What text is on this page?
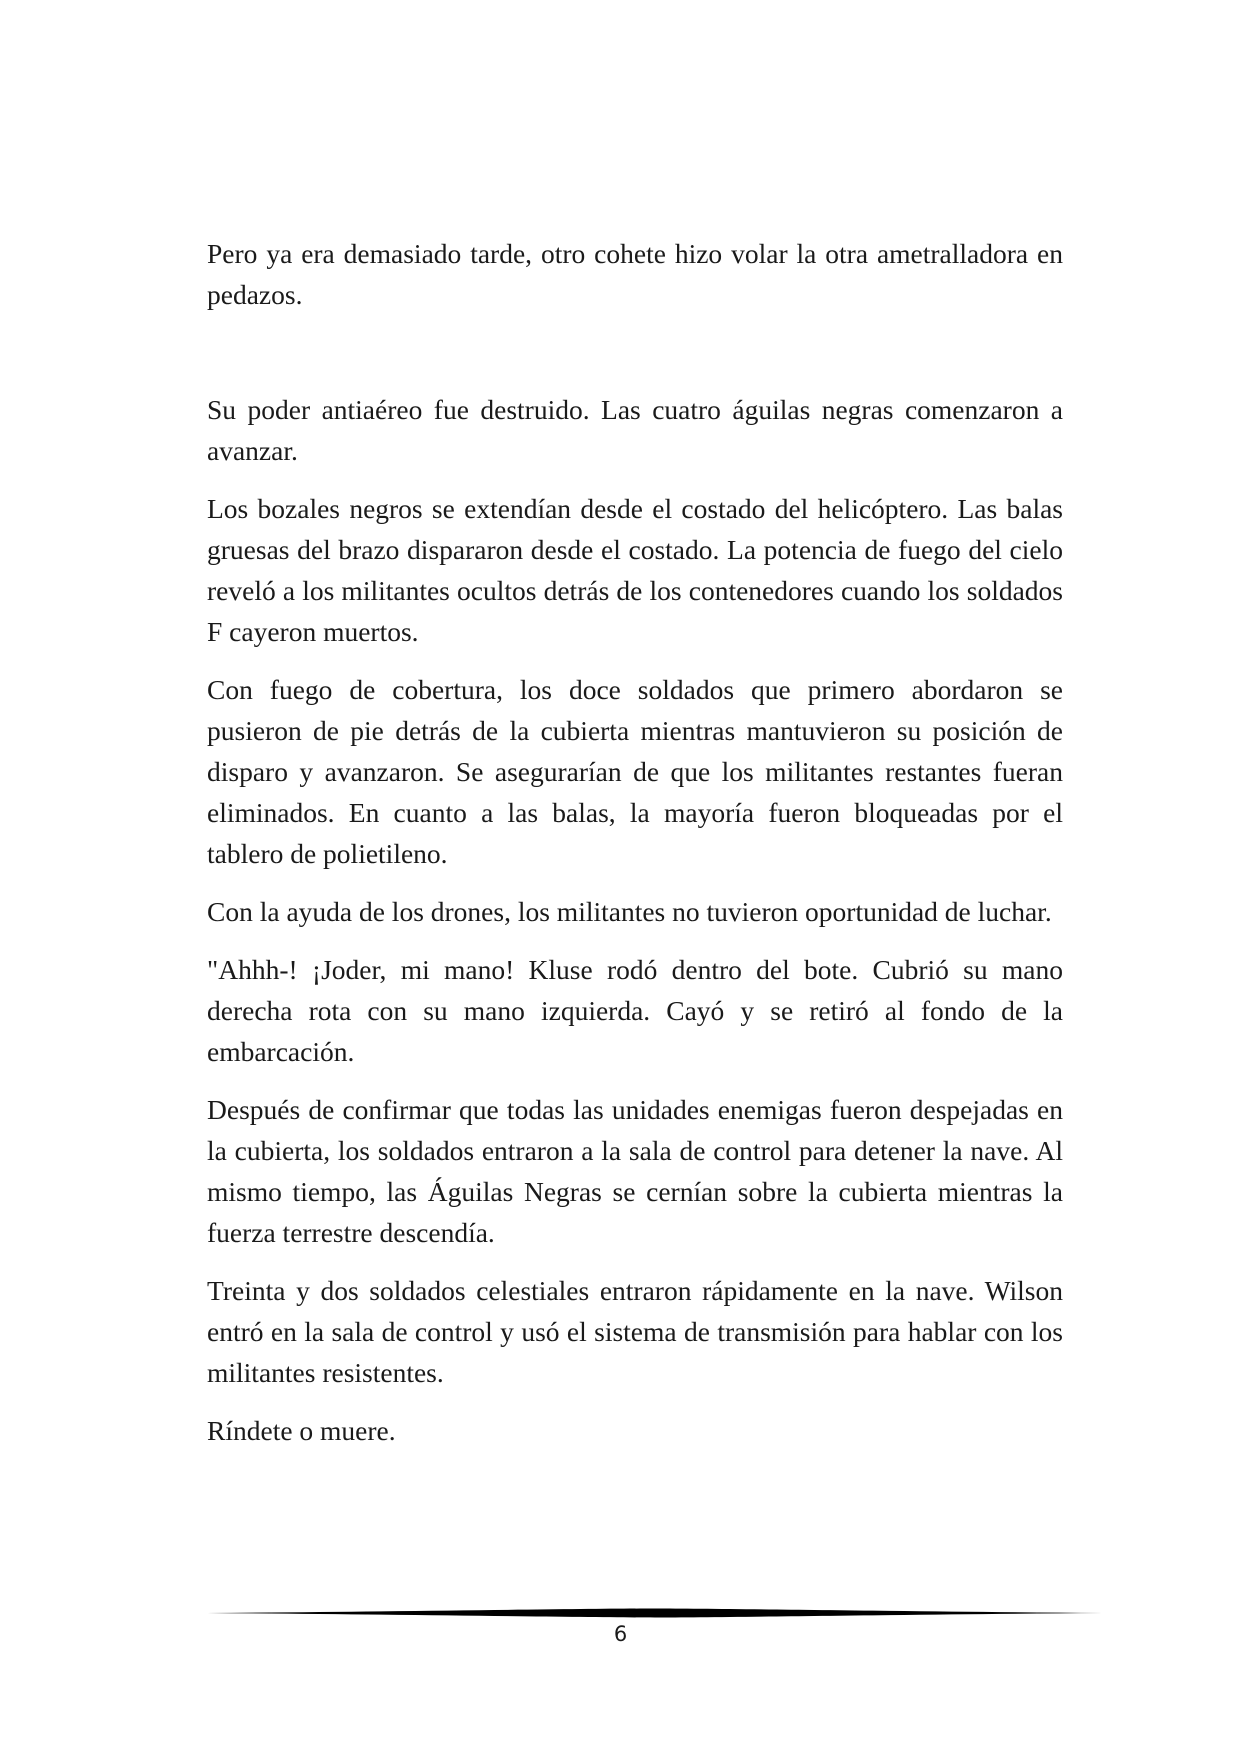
Pero ya era demasiado tarde, otro cohete hizo volar la otra ametralladora en pedazos.

Su poder antiaéreo fue destruido. Las cuatro águilas negras comenzaron a avanzar.

Los bozales negros se extendían desde el costado del helicóptero. Las balas gruesas del brazo dispararon desde el costado. La potencia de fuego del cielo reveló a los militantes ocultos detrás de los contenedores cuando los soldados F cayeron muertos.

Con fuego de cobertura, los doce soldados que primero abordaron se pusieron de pie detrás de la cubierta mientras mantuvieron su posición de disparo y avanzaron. Se asegurarían de que los militantes restantes fueran eliminados. En cuanto a las balas, la mayoría fueron bloqueadas por el tablero de polietileno.

Con la ayuda de los drones, los militantes no tuvieron oportunidad de luchar.

"Ahhh-! ¡Joder, mi mano! Kluse rodó dentro del bote. Cubrió su mano derecha rota con su mano izquierda. Cayó y se retiró al fondo de la embarcación.

Después de confirmar que todas las unidades enemigas fueron despejadas en la cubierta, los soldados entraron a la sala de control para detener la nave. Al mismo tiempo, las Águilas Negras se cernían sobre la cubierta mientras la fuerza terrestre descendía.

Treinta y dos soldados celestiales entraron rápidamente en la nave. Wilson entró en la sala de control y usó el sistema de transmisión para hablar con los militantes resistentes.

Ríndete o muere.

6
